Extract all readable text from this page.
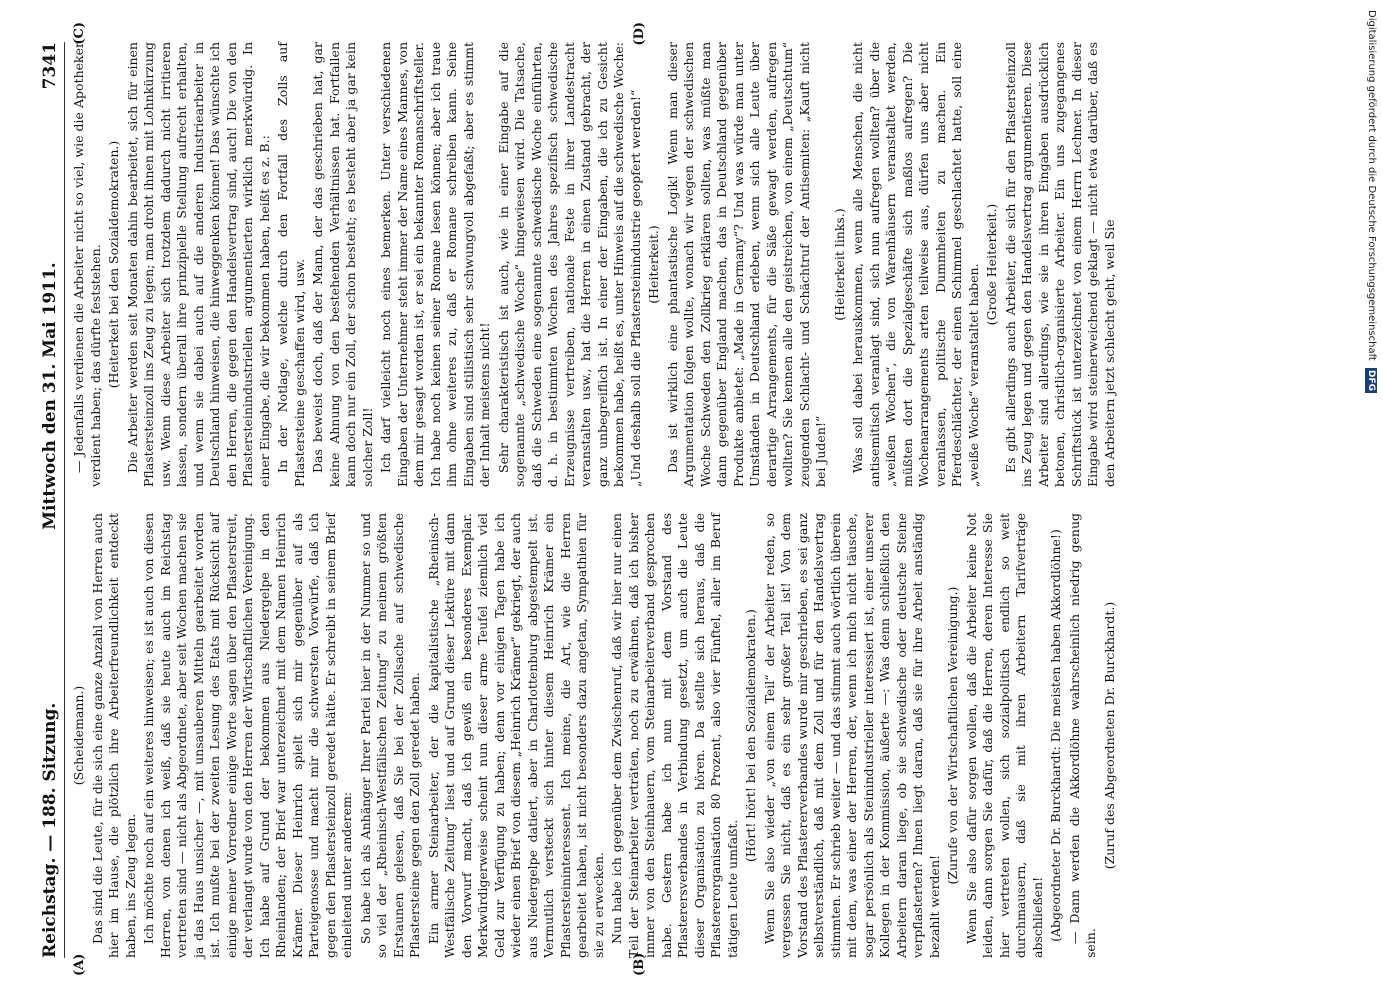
Reichstag. — 188. Sitzung.
Mittwoch den 31. Mai 1911.
7341
(A)	(B)

(Scheidemann.) Das sind die Leute, für die sich eine ganze Anzahl von Herren auch hier im Hause, die plötzlich ihre Arbeiterfreundlichkeit entdeckt haben, ins Zeug legen. Ich möchte noch auf ein weiteres hinweisen; es ist auch von diesen Herren, von denen ich weiß, daß sie heute auch im Reichstag vertreten sind — nicht als Abgeordnete, aber seit Wochen machen sie ja das Haus unsicher —, mit unsauberen Mitteln gearbeitet worden ist. Ich mußte bei der zweiten Lesung des Etats mit Rücksicht auf einige meiner Vorredner einige Worte sagen über den Pflasterstreit, der verlangt wurde von den Herren der Wirtschaftlichen Vereinigung. Ich habe auf Grund der bekommen aus Niedergelpe in den Rheinlanden; der Brief war unterzeichnet mit dem Namen Heinrich Krämer. Dieser Heinrich spielt sich mir gegenüber auf als Parteigenosse und macht mir die schwersten Vorwürfe, daß ich gegen den Pflastersteinzoll geredet hätte. Er schreibt in seinem Brief einleitend unter anderem: So habe ich als Anhänger Ihrer Partei hier in der Nummer so und so viel der „Rheinisch-Westfälischen Zeitung“ zu meinem größten Erstaunen gelesen, daß Sie bei der Zollsache auf schwedische Pflastersteine gegen den Zoll geredet haben. Ein armer Steinarbeiter, der die kapitalistische „Rheinisch-Westfälische Zeitung“ liest und auf Grund dieser Lektüre mit dann den Vorwurf macht, daß ich gewiß ein besonderes Exemplar. Merkwürdigerweise scheint nun dieser arme Teufel ziemlich viel Geld zur Verfügung zu haben; denn vor einigen Tagen habe ich wieder einen Brief von diesem „Heinrich Krämer“ gekriegt, der auch aus Niedergelpe datiert, aber in Charlottenburg abgestempelt ist. Vermutlich versteckt sich hinter diesem Heinrich Krämer ein Pflastersteininteressent. Ich meine, die Art, wie die Herren gearbeitet haben, ist nicht besonders dazu angetan, Sympathien für sie zu erwecken. Nun habe ich gegenüber dem Zwischenruf, daß wir hier nur einen Teil der Steinarbeiter verträten, noch zu erwähnen, daß ich bisher immer von den Steinhauern, vom Steinarbeiterverband gesprochen habe. Gestern habe ich nun mit dem Vorstand des Pflasterersverbandes in Verbindung gesetzt, um auch die Leute dieser Organisation zu hören. Da stellte sich heraus, daß die Pflastererorganisation 80 Prozent, also vier Fünftel, aller im Beruf tätigen Leute umfaßt.

(Hört! hört! bei den Sozialdemokraten.) Wenn Sie also wieder „von einem Teil“ der Arbeiter reden, so vergessen Sie nicht, daß es ein sehr großer Teil ist! Von dem Vorstand des Pflastererverbandes wurde mir geschrieben, es sei ganz selbstverständlich, daß mit dem Zoll und für den Handelsvertrag stimmten. Er schrieb weiter — und das stimmt auch wörtlich überein mit dem, was einer der Herren, der, wenn ich mich nicht täusche, sogar persönlich als Steinindustrieller interessiert ist, einer unserer Kollegen in der Kommission, äußerte —: Was denn schließlich den Arbeitern daran liege, ob sie schwedische oder deutsche Steine verpflasterten? Ihnen liegt daran, daß sie für ihre Arbeit anständig bezahlt werden!

(Zurufe von der Wirtschaftlichen Vereinigung.) Wenn Sie also dafür sorgen wollen, daß die Arbeiter keine Not leiden, dann sorgen Sie dafür, daß die Herren, deren Interesse Sie hier vertreten wollen, sich sozialpolitisch endlich so weit durchmausern, daß sie mit ihren Arbeitern Tarifverträge abschließen! (Abgeordneter Dr. Burckhardt: Die meisten haben Akkordlöhne!) — Dann werden die Akkordlöhne wahrscheinlich niedrig genug sein.

(Zuruf des Abgeordneten Dr. Burckhardt.)

(C)	(D)

— Jedenfalls verdienen die Arbeiter nicht so viel, wie die Apotheker verdient haben; das dürfte feststehen. (Heiterkeit bei den Sozialdemokraten.) Die Arbeiter werden seit Monaten dahin bearbeitet, sich für einen Pflastersteinzoll ins Zeug zu legen; man droht ihnen mit Lohnkürzung usw. Wenn diese Arbeiter sich trotzdem dadurch nicht irritieren lassen, sondern überall ihre prinzipielle Stellung aufrecht erhalten, und wenn sie dabei auch auf die anderen Industriearbeiter in Deutschland hinweisen, die hinweggenken können! Das wünschte ich den Herren, die gegen den Handelsvertrag sind, auch! Die von den Pflastersteinindustriellen argumentierten wirklich merkwürdig. In einer Eingabe, die wir bekommen haben, heißt es z. B.: In der Notlage, welche durch den Fortfall des Zolls auf Pflastersteine geschaffen wird, usw. Das beweist doch, daß der Mann, der das geschrieben hat, gar keine Ahnung von den bestehenden Verhältnissen hat. Fortfallen kann doch nur ein Zoll, der schon besteht; es besteht aber ja gar kein solcher Zoll! Ich darf vielleicht noch eines bemerken. Unter verschiedenen Eingaben der Unternehmer steht immer der Name eines Mannes, von dem mir gesagt worden ist, er sei ein bekannter Romanschriftsteller. Ich habe noch keinen seiner Romane lesen können; aber ich traue ihm ohne weiteres zu, daß er Romane schreiben kann. Seine Eingaben sind stilistisch sehr schwungvoll abgefaßt; aber es stimmt der Inhalt meistens nicht! Sehr charakteristisch ist auch, wie in einer Eingabe auf die sogenannte „schwedische Woche“ hingewiesen wird. Die Tatsache, daß die Schweden eine sogenannte schwedische Woche einführten, d. h. in bestimmten Wochen des Jahres spezifisch schwedische Erzeugnisse vertreiben, nationale Feste in ihrer Landestracht veranstalten usw., hat die Herren in einen Zustand gebracht, der ganz unbegreiflich ist. In einer der Eingaben, die ich zu Gesicht bekommen habe, heißt es, unter Hinweis auf die schwedische Woche: „Und deshalb soll die Pflastersteinindustrie geopfert werden!“ (Heiterkeit.) Das ist wirklich eine phantastische Logik! Wenn man dieser Argumentation folgen wollte, wonach wir wegen der schwedischen Woche Schweden den Zollkrieg erklären sollten, was müßte man dann gegenüber England machen, das in Deutschland gegenüber Produkte anbietet: „Made in Germany“? Und was würde man unter Umständen in Deutschland erleben, wenn sich alle Leute über derartige Arrangements, für die Säße gewagt werden, aufregen wollten? Sie kennen alle den geistreichen, von einem „Deutschtum“ zeugenden Schlacht- und Schächtruf der Antisemiten: „Kauft nicht bei Juden!“

(Heiterkeit links.) Was soll dabei herauskommen, wenn alle Menschen, die nicht antisemitisch veranlagt sind, sich nun aufregen wollten? über die „weißen Wochen“, die von Warenhäusern veranstaltet werden, müßten dort die Spezialgeschäfte sich maßlos aufregen? Die Wochenarrangements arten teilweise aus, dürfen uns aber nicht veranlassen, politische Dummheiten zu machen. Ein Pferdeschlächter, der einen Schimmel geschlachtet hatte, soll eine „weiße Woche“ veranstaltet haben. (Große Heiterkeit.) Es gibt allerdings auch Arbeiter, die sich für den Pflastersteinzoll ins Zeug legen und gegen den Handelsvertrag argumentieren. Diese Arbeiter sind allerdings, wie sie in ihren Eingaben ausdrücklich betonen, christlich-organisierte Arbeiter. Ein uns zugegangenes Schriftstück ist unterzeichnet von einem Herrn Lechner. In dieser Eingabe wird steinerweichend geklagt — nicht etwa darüber, daß es den Arbeitern jetzt schlecht geht, weil Sie	Digitalisierung gefördert durch die Deutsche Forschungsgemeinschaft DFG
